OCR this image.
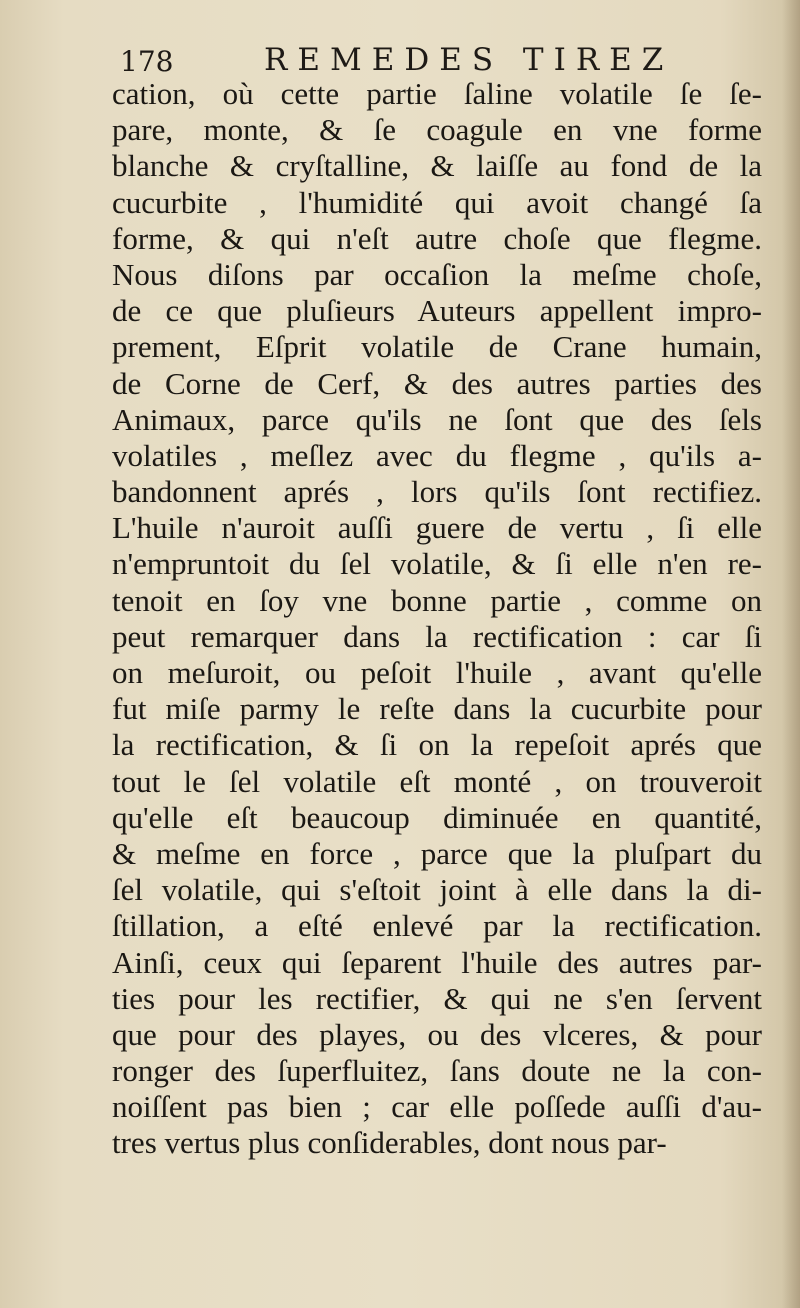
178	REMEDES TIREZ
cation, où cette partie ſaline volatile ſe ſe-
pare, monte, & ſe coagule en vne forme
blanche & cryſtalline, & laiſſe au fond de la
cucurbite , l'humidité qui avoit changé ſa
forme, & qui n'eſt autre choſe que flegme.
Nous diſons par occaſion la meſme choſe,
de ce que pluſieurs Auteurs appellent impro-
prement, Eſprit volatile de Crane humain,
de Corne de Cerf, & des autres parties des
Animaux, parce qu'ils ne ſont que des ſels
volatiles , meſlez avec du flegme , qu'ils a-
bandonnent aprés , lors qu'ils ſont rectifiez.
L'huile n'auroit auſſi guere de vertu , ſi elle
n'empruntoit du ſel volatile, & ſi elle n'en re-
tenoit en ſoy vne bonne partie , comme on
peut remarquer dans la rectification : car ſi
on meſuroit, ou peſoit l'huile , avant qu'elle
fut miſe parmy le reſte dans la cucurbite pour
la rectification, & ſi on la repeſoit aprés que
tout le ſel volatile eſt monté , on trouveroit
qu'elle eſt beaucoup diminuée en quantité,
& meſme en force , parce que la pluſpart du
ſel volatile, qui s'eſtoit joint à elle dans la di-
ſtillation, a eſté enlevé par la rectification.
Ainſi, ceux qui ſeparent l'huile des autres par-
ties pour les rectifier, & qui ne s'en ſervent
que pour des playes, ou des vlceres, & pour
ronger des ſuperfluitez, ſans doute ne la con-
noiſſent pas bien ; car elle poſſede auſſi d'au-
tres vertus plus conſiderables, dont nous par-
